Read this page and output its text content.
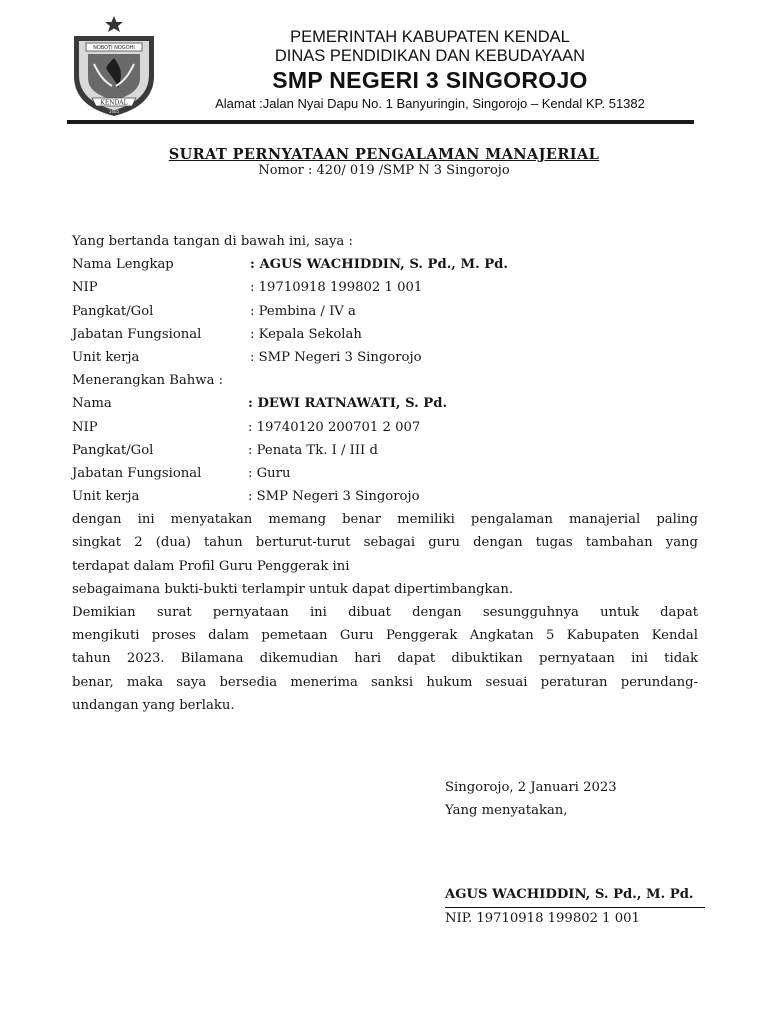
NOBOTI NOGOHI
KENDAL
1605
PEMERINTAH KABUPATEN KENDAL
DINAS PENDIDIKAN DAN KEBUDAYAAN
SMP NEGERI 3 SINGOROJO
Alamat :Jalan Nyai Dapu No. 1 Banyuringin, Singorojo – Kendal KP. 51382
SURAT PERNYATAAN PENGALAMAN MANAJERIAL
Nomor : 420/ 019 /SMP N 3 Singorojo
Yang bertanda tangan di bawah ini, saya :
Nama Lengkap	: AGUS WACHIDDIN, S. Pd., M. Pd.
NIP	: 19710918 199802 1 001
Pangkat/Gol	: Pembina / IV a
Jabatan Fungsional	: Kepala Sekolah
Unit kerja	: SMP Negeri 3 Singorojo
Menerangkan Bahwa :
Nama	: DEWI RATNAWATI, S. Pd.
NIP	: 19740120 200701 2 007
Pangkat/Gol	: Penata Tk. I / III d
Jabatan Fungsional	: Guru
Unit kerja	: SMP Negeri 3 Singorojo
dengan ini menyatakan memang benar memiliki pengalaman manajerial paling
singkat 2 (dua) tahun berturut-turut sebagai guru dengan tugas tambahan yang
terdapat dalam Profil Guru Penggerak ini
sebagaimana bukti-bukti terlampir untuk dapat dipertimbangkan.
Demikian surat pernyataan ini dibuat dengan sesungguhnya untuk dapat
mengikuti proses dalam pemetaan Guru Penggerak Angkatan 5 Kabupaten Kendal
tahun 2023. Bilamana dikemudian hari dapat dibuktikan pernyataan ini tidak
benar, maka saya bersedia menerima sanksi hukum sesuai peraturan perundang-
undangan yang berlaku.
Singorojo, 2 Januari 2023
Yang menyatakan,
AGUS WACHIDDIN, S. Pd., M. Pd.
NIP. 19710918 199802 1 001
